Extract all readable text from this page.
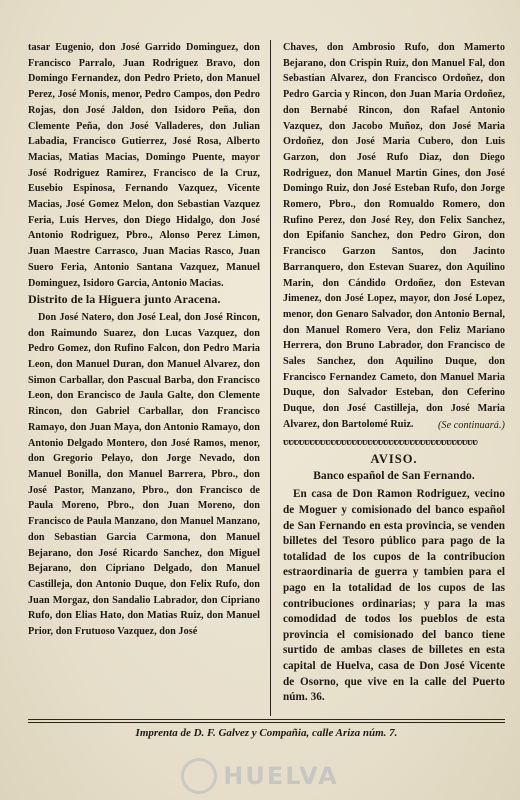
tasar Eugenio, don José Garrido Dominguez, don Francisco Parralo, Juan Rodriguez Bravo, don Domingo Fernandez, don Pedro Prieto, don Manuel Perez, José Monis, menor, Pedro Campos, don Pedro Rojas, don José Jaldon, don Isidoro Peña, don Clemente Peña, don José Valladeres, don Julian Labadia, Francisco Gutierrez, José Rosa, Alberto Macias, Matias Macias, Domingo Puente, mayor José Rodriguez Ramirez, Francisco de la Cruz, Eusebio Espinosa, Fernando Vazquez, Vicente Macias, José Gomez Melon, don Sebastian Vazquez Feria, Luis Herves, don Diego Hidalgo, don José Antonio Rodriguez, Pbro., Alonso Perez Limon, Juan Maestre Carrasco, Juan Macias Rasco, Juan Suero Feria, Antonio Santana Vazquez, Manuel Dominguez, Isidoro Garcia, Antonio Macias.

Distrito de la Higuera junto Aracena.

Don José Natero, don José Leal, don José Rincon, don Raimundo Suarez, don Lucas Vazquez, don Pedro Gomez, don Rufino Falcon, don Pedro Maria Leon, don Manuel Duran, don Manuel Alvarez, don Simon Carballar, don Pascual Barba, don Francisco Leon, don Erancisco de Jaula Galte, don Clemente Rincon, don Gabriel Carballar, don Francisco Ramayo, don Juan Maya, don Antonio Ramayo, don Antonio Delgado Montero, don José Ramos, menor, don Gregorio Pelayo, don Jorge Nevado, don Manuel Bonilla, don Manuel Barrera, Pbro., don José Pastor, Manzano, Pbro., don Francisco de Paula Moreno, Pbro., don Juan Moreno, don Francisco de Paula Manzano, don Manuel Manzano, don Sebastian Garcia Carmona, don Manuel Bejarano, don José Ricardo Sanchez, don Miguel Bejarano, don Cipriano Delgado, don Manuel Castilleja, don Antonio Duque, don Felix Rufo, don Juan Morgaz, don Sandalio Labrador, don Cipriano Rufo, don Elias Hato, don Matias Ruiz, don Manuel Prior, don Frutuoso Vazquez, don José

Chaves, don Ambrosio Rufo, don Mamerto Bejarano, don Crispin Ruiz, don Manuel Fal, don Sebastian Alvarez, don Francisco Ordoñez, don Pedro Garcia y Rincon, don Juan Maria Ordoñez, don Bernabé Rincon, don Rafael Antonio Vazquez, don Jacobo Muñoz, don José Maria Ordoñez, don José Maria Cubero, don Luis Garzon, don José Rufo Diaz, don Diego Rodriguez, don Manuel Martin Gines, don José Domingo Ruiz, don José Esteban Rufo, don Jorge Romero, Pbro., don Romualdo Romero, don Rufino Perez, don José Rey, don Felix Sanchez, don Epifanio Sanchez, don Pedro Giron, don Francisco Garzon Santos, don Jacinto Barranquero, don Estevan Suarez, don Aquilino Marin, don Cándido Ordoñez, don Estevan Jimenez, don José Lopez, mayor, don José Lopez, menor, don Genaro Salvador, don Antonio Bernal, don Manuel Romero Vera, don Feliz Mariano Herrera, don Bruno Labrador, don Francisco de Sales Sanchez, don Aquilino Duque, don Francisco Fernandez Cameto, don Manuel Maria Duque, don Salvador Esteban, don Ceferino Duque, don José Castilleja, don José Maria Alvarez, don Bartolomé Ruiz.	(Se continuará.)

ʋʋʋʋʋʋʋʋʋʋʋʋʋʋʋʋʋʋʋʋʋʋʋʋʋʋʋʋʋʋʋʋʋʋʋʋʋ

AVISO.

Banco español de San Fernando.

En casa de Don Ramon Rodriguez, vecino de Moguer y comisionado del banco español de San Fernando en esta provincia, se venden billetes del Tesoro público para pago de la totalidad de los cupos de la contribucion estraordinaria de guerra y tambien para el pago en la totalidad de los cupos de las contribuciones ordinarias; y para la mas comodidad de todos los pueblos de esta provincia el comisionado del banco tiene surtido de ambas clases de billetes en esta capital de Huelva, casa de Don José Vicente de Osorno, que vive en la calle del Puerto núm. 36.

Imprenta de D. F. Galvez y Compañia, calle Ariza núm. 7.
HUELVA
